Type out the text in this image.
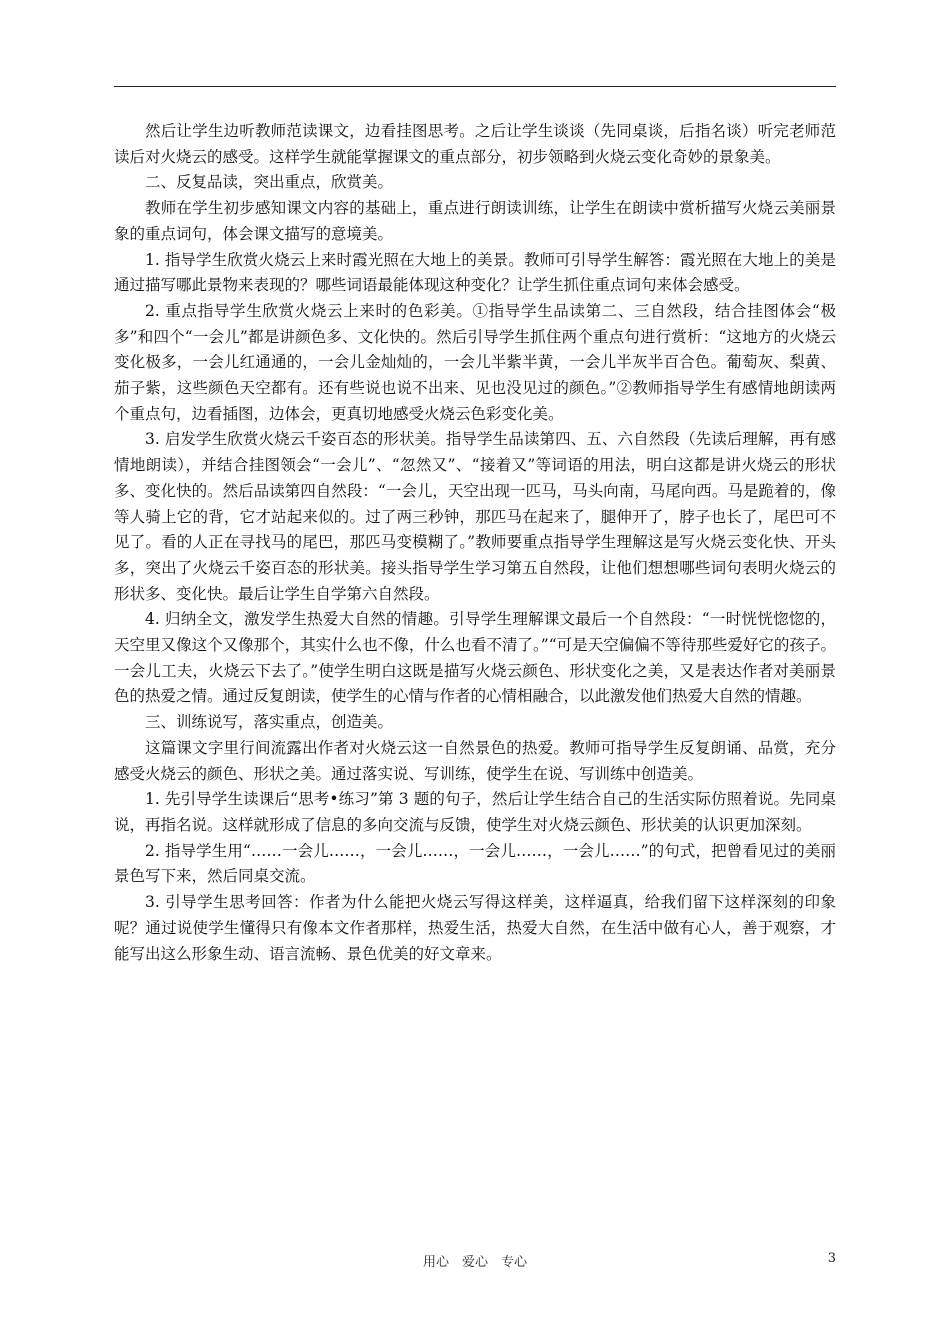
然后让学生边听教师范读课文，边看挂图思考。之后让学生谈谈（先同桌谈，后指名谈）听完老师范读后对火烧云的感受。这样学生就能掌握课文的重点部分，初步领略到火烧云变化奇妙的景象美。

二、反复品读，突出重点，欣赏美。

教师在学生初步感知课文内容的基础上，重点进行朗读训练，让学生在朗读中赏析描写火烧云美丽景象的重点词句，体会课文描写的意境美。

1. 指导学生欣赏火烧云上来时霞光照在大地上的美景。教师可引导学生解答：霞光照在大地上的美是通过描写哪此景物来表现的？哪些词语最能体现这种变化？让学生抓住重点词句来体会感受。

2. 重点指导学生欣赏火烧云上来时的色彩美。①指导学生品读第二、三自然段，结合挂图体会“极多”和四个“一会儿”都是讲颜色多、文化快的。然后引导学生抓住两个重点句进行赏析：“这地方的火烧云变化极多，一会儿红通通的，一会儿金灿灿的，一会儿半紫半黄，一会儿半灰半百合色。葡萄灰、梨黄、茄子紫，这些颜色天空都有。还有些说也说不出来、见也没见过的颜色。”②教师指导学生有感情地朗读两个重点句，边看插图，边体会，更真切地感受火烧云色彩变化美。

3. 启发学生欣赏火烧云千姿百态的形状美。指导学生品读第四、五、六自然段（先读后理解，再有感情地朗读），并结合挂图领会“一会儿”、“忽然又”、“接着又”等词语的用法，明白这都是讲火烧云的形状多、变化快的。然后品读第四自然段：“一会儿，天空出现一匹马，马头向南，马尾向西。马是跪着的，像等人骑上它的背，它才站起来似的。过了两三秒钟，那匹马在起来了，腿伸开了，脖子也长了，尾巴可不见了。看的人正在寻找马的尾巴，那匹马变模糊了。”教师要重点指导学生理解这是写火烧云变化快、开头多，突出了火烧云千姿百态的形状美。接头指导学生学习第五自然段，让他们想想哪些词句表明火烧云的形状多、变化快。最后让学生自学第六自然段。

4. 归纳全文，激发学生热爱大自然的情趣。引导学生理解课文最后一个自然段：“一时恍恍惚惚的，天空里又像这个又像那个，其实什么也不像，什么也看不清了。”“可是天空偏偏不等待那些爱好它的孩子。一会儿工夫，火烧云下去了。”使学生明白这既是描写火烧云颜色、形状变化之美，又是表达作者对美丽景色的热爱之情。通过反复朗读，使学生的心情与作者的心情相融合，以此激发他们热爱大自然的情趣。

三、训练说写，落实重点，创造美。

这篇课文字里行间流露出作者对火烧云这一自然景色的热爱。教师可指导学生反复朗诵、品赏，充分感受火烧云的颜色、形状之美。通过落实说、写训练，使学生在说、写训练中创造美。

1. 先引导学生读课后“思考•练习”第 3 题的句子，然后让学生结合自己的生活实际仿照着说。先同桌说，再指名说。这样就形成了信息的多向交流与反馈，使学生对火烧云颜色、形状美的认识更加深刻。

2. 指导学生用“……一会儿……，一会儿……，一会儿……，一会儿……”的句式，把曾看见过的美丽景色写下来，然后同桌交流。

3. 引导学生思考回答：作者为什么能把火烧云写得这样美，这样逼真，给我们留下这样深刻的印象呢？通过说使学生懂得只有像本文作者那样，热爱生活，热爱大自然，在生活中做有心人，善于观察，才能写出这么形象生动、语言流畅、景色优美的好文章来。

用心　爱心　专心	3
